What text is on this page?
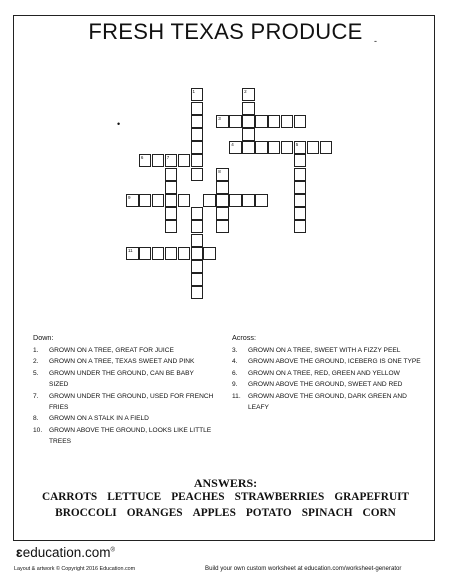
FRESH TEXAS PRODUCE
1	2
3
4	5
6	7
8
9
11
-
•
Down:
1. GROWN ON A TREE, GREAT FOR JUICE
2. GROWN ON A TREE, TEXAS SWEET AND PINK
5. GROWN UNDER THE GROUND, CAN BE BABY SIZED
7. GROWN UNDER THE GROUND, USED FOR FRENCH FRIES
8. GROWN ON A STALK IN A FIELD
10. GROWN ABOVE THE GROUND, LOOKS LIKE LITTLE TREES
Across:
3. GROWN ON A TREE, SWEET WITH A FIZZY PEEL
4. GROWN ABOVE THE GROUND, ICEBERG IS ONE TYPE
6. GROWN ON A TREE, RED, GREEN AND YELLOW
9. GROWN ABOVE THE GROUND, SWEET AND RED
11. GROWN ABOVE THE GROUND, DARK GREEN AND LEAFY
ANSWERS:
CARROTS LETTUCE PEACHES STRAWBERRIES GRAPEFRUIT
BROCCOLI ORANGES APPLES POTATO SPINACH CORN
ɛeducation.com®
Layout & artwork © Copyright 2016 Education.com	Build your own custom worksheet at education.com/worksheet-generator
